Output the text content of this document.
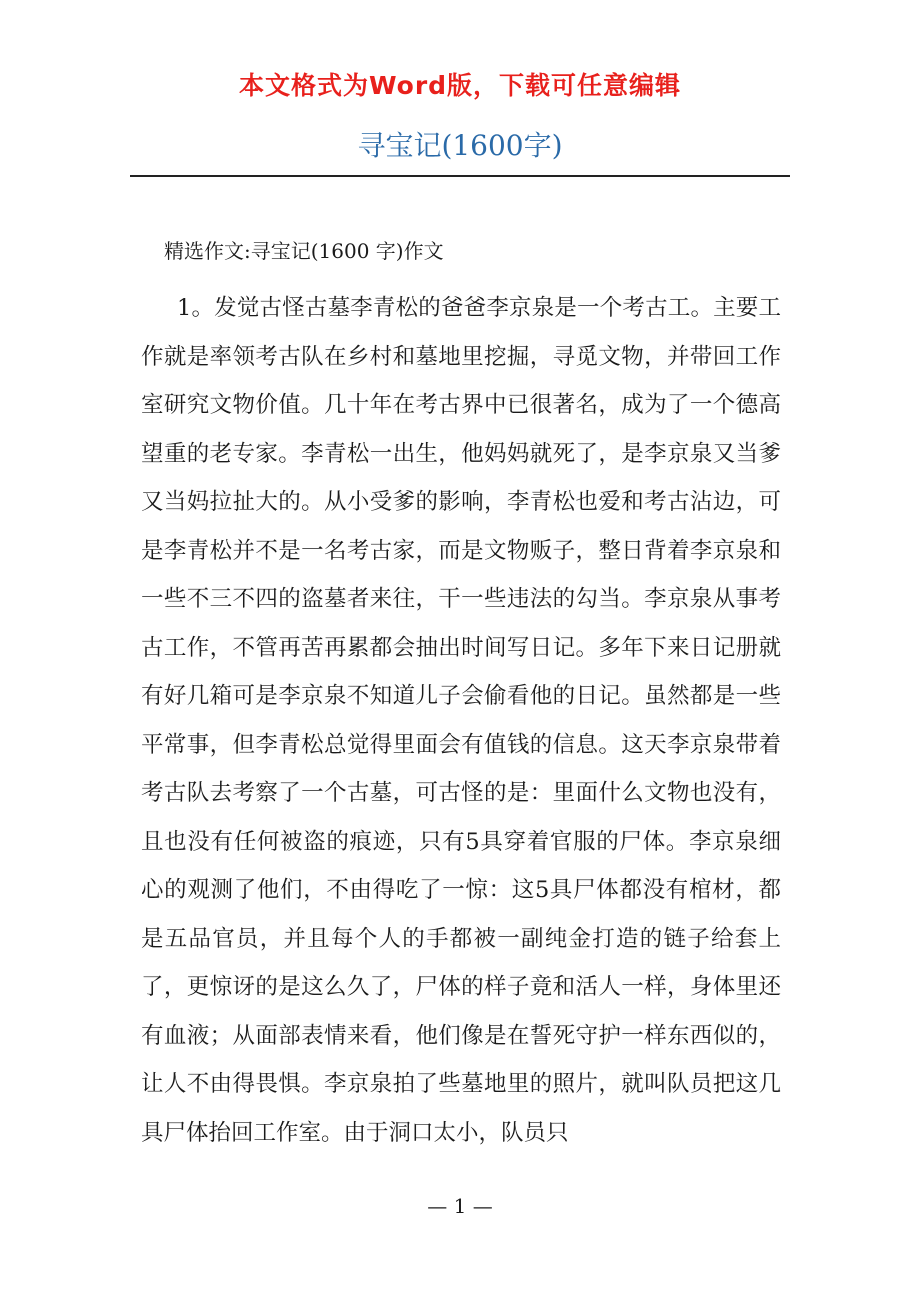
本文格式为Word版，下载可任意编辑
寻宝记(1600字)
精选作文:寻宝记(1600 字)作文

1。发觉古怪古墓李青松的爸爸李京泉是一个考古工。主要工作就是率领考古队在乡村和墓地里挖掘，寻觅文物，并带回工作室研究文物价值。几十年在考古界中已很著名，成为了一个德高望重的老专家。李青松一出生，他妈妈就死了，是李京泉又当爹又当妈拉扯大的。从小受爹的影响，李青松也爱和考古沾边，可是李青松并不是一名考古家，而是文物贩子，整日背着李京泉和一些不三不四的盗墓者来往，干一些违法的勾当。李京泉从事考古工作，不管再苦再累都会抽出时间写日记。多年下来日记册就有好几箱可是李京泉不知道儿子会偷看他的日记。虽然都是一些平常事，但李青松总觉得里面会有值钱的信息。这天李京泉带着考古队去考察了一个古墓，可古怪的是：里面什么文物也没有，且也没有任何被盗的痕迹，只有5具穿着官服的尸体。李京泉细心的观测了他们，不由得吃了一惊：这5具尸体都没有棺材，都是五品官员，并且每个人的手都被一副纯金打造的链子给套上了，更惊讶的是这么久了，尸体的样子竟和活人一样，身体里还有血液；从面部表情来看，他们像是在誓死守护一样东西似的，让人不由得畏惧。李京泉拍了些墓地里的照片，就叫队员把这几具尸体抬回工作室。由于洞口太小，队员只

— 1 —
